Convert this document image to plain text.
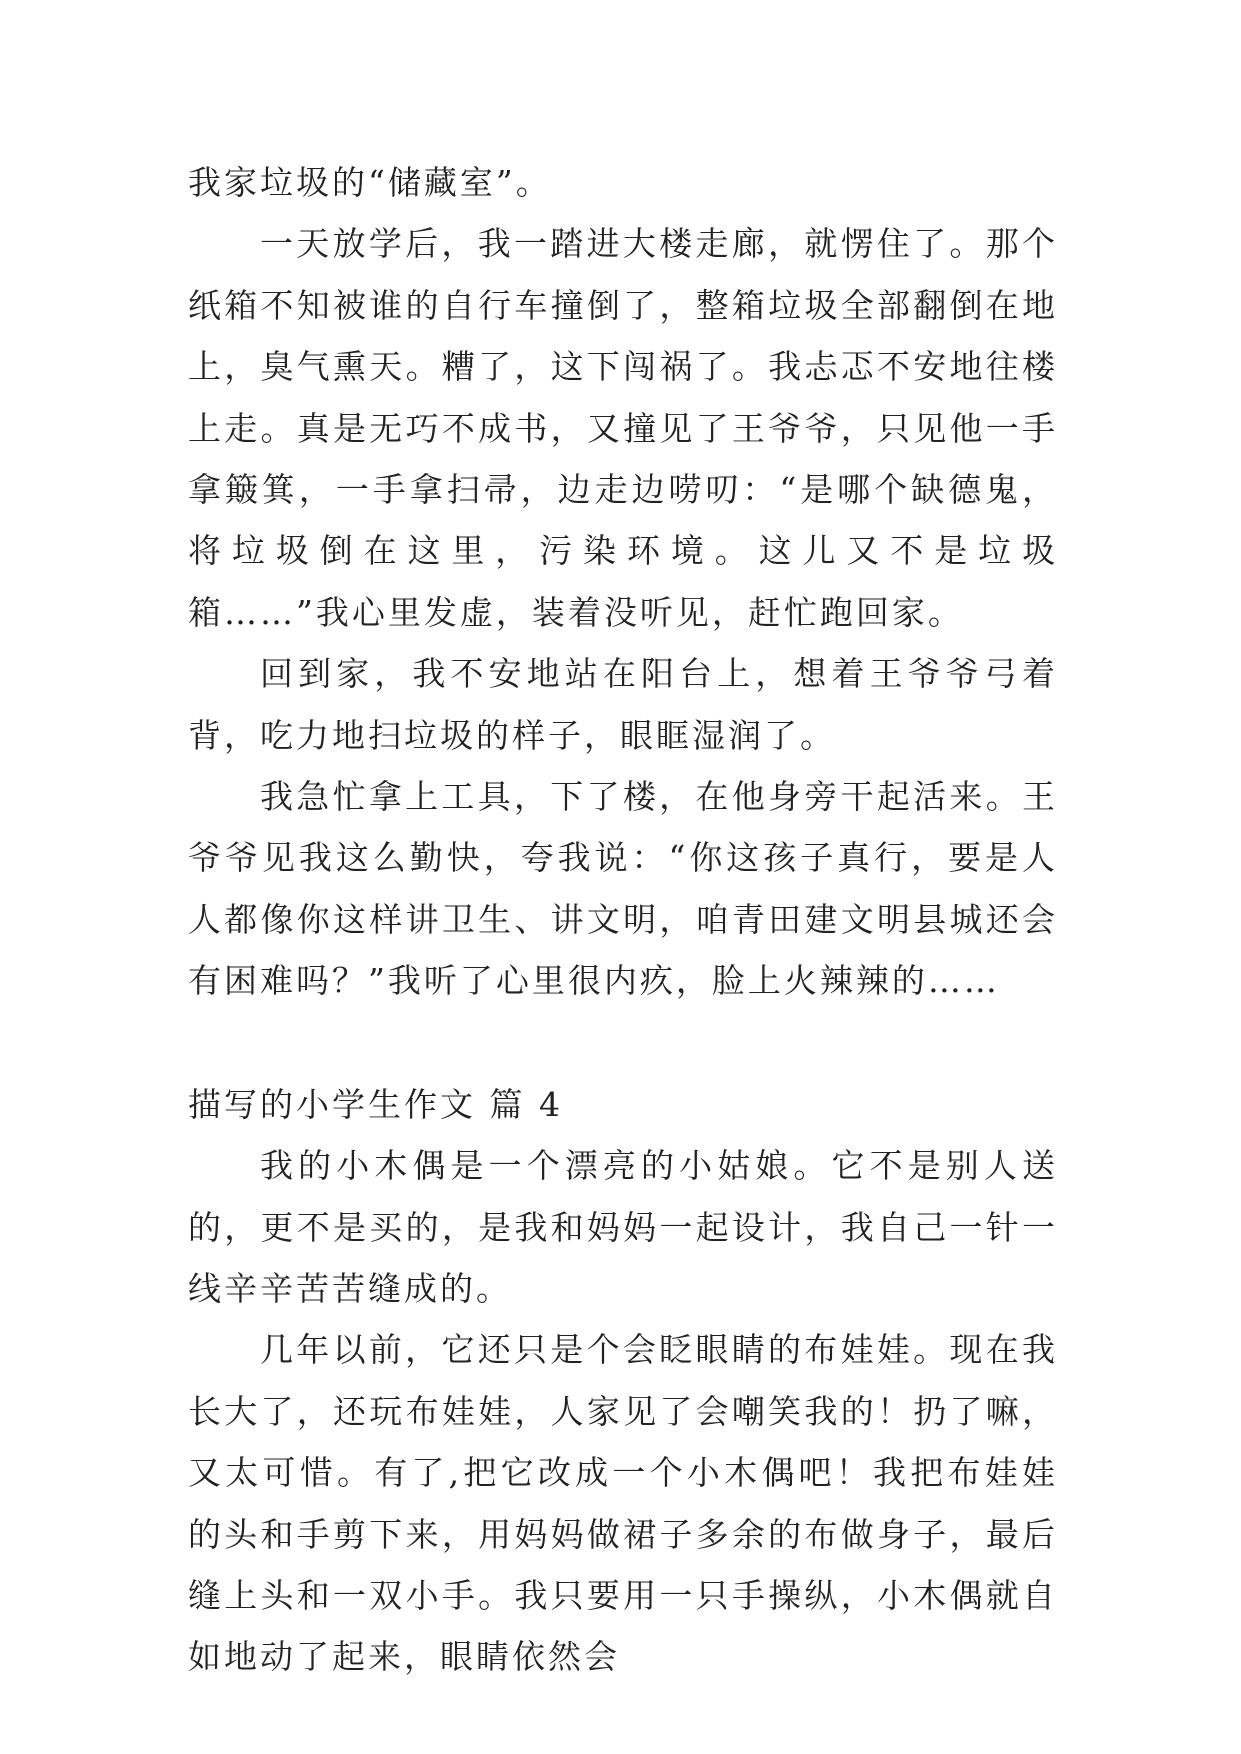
我家垃圾的“储藏室”。

一天放学后，我一踏进大楼走廊，就愣住了。那个纸箱不知被谁的自行车撞倒了，整箱垃圾全部翻倒在地上，臭气熏天。糟了，这下闯祸了。我忐忑不安地往楼上走。真是无巧不成书，又撞见了王爷爷，只见他一手拿簸箕，一手拿扫帚，边走边唠叨：“是哪个缺德鬼，将垃圾倒在这里，污染环境。这儿又不是垃圾箱……”我心里发虚，装着没听见，赶忙跑回家。

回到家，我不安地站在阳台上，想着王爷爷弓着背，吃力地扫垃圾的样子，眼眶湿润了。

我急忙拿上工具，下了楼，在他身旁干起活来。王爷爷见我这么勤快，夸我说：“你这孩子真行，要是人人都像你这样讲卫生、讲文明，咱青田建文明县城还会有困难吗？”我听了心里很内疚，脸上火辣辣的……

描写的小学生作文 篇 4

我的小木偶是一个漂亮的小姑娘。它不是别人送的，更不是买的，是我和妈妈一起设计，我自己一针一线辛辛苦苦缝成的。

几年以前，它还只是个会眨眼睛的布娃娃。现在我长大了，还玩布娃娃，人家见了会嘲笑我的！扔了嘛，又太可惜。有了,把它改成一个小木偶吧！我把布娃娃的头和手剪下来，用妈妈做裙子多余的布做身子，最后缝上头和一双小手。我只要用一只手操纵，小木偶就自如地动了起来，眼睛依然会
